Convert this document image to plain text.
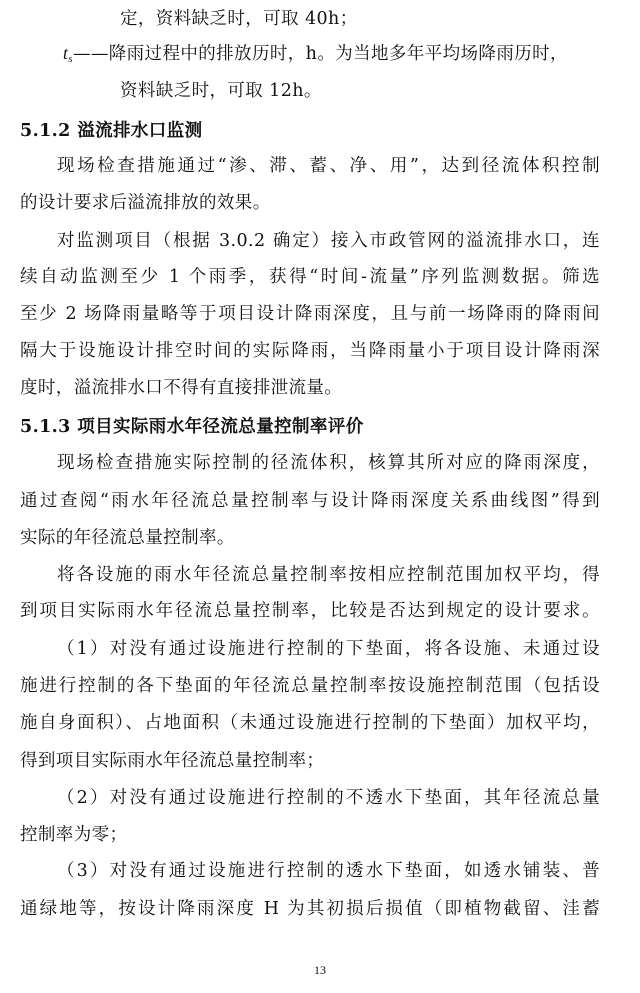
定，资料缺乏时，可取 40h；
$t_s——$降雨过程中的排放历时，h。为当地多年平均场降雨历时，
资料缺乏时，可取 12h。
5.1.2 溢流排水口监测
现场检查措施通过“渗、滞、蓄、净、用”，达到径流体积控制
的设计要求后溢流排放的效果。
对监测项目（根据 3.0.2 确定）接入市政管网的溢流排水口，连
续自动监测至少 1 个雨季，获得“时间-流量”序列监测数据。筛选
至少 2 场降雨量略等于项目设计降雨深度，且与前一场降雨的降雨间
隔大于设施设计排空时间的实际降雨，当降雨量小于项目设计降雨深
度时，溢流排水口不得有直接排泄流量。
5.1.3 项目实际雨水年径流总量控制率评价
现场检查措施实际控制的径流体积，核算其所对应的降雨深度，
通过查阅“雨水年径流总量控制率与设计降雨深度关系曲线图”得到
实际的年径流总量控制率。
将各设施的雨水年径流总量控制率按相应控制范围加权平均，得
到项目实际雨水年径流总量控制率，比较是否达到规定的设计要求。
（1）对没有通过设施进行控制的下垫面，将各设施、未通过设
施进行控制的各下垫面的年径流总量控制率按设施控制范围（包括设
施自身面积）、占地面积（未通过设施进行控制的下垫面）加权平均，
得到项目实际雨水年径流总量控制率；
（2）对没有通过设施进行控制的不透水下垫面，其年径流总量
控制率为零；
（3）对没有通过设施进行控制的透水下垫面，如透水铺装、普
通绿地等，按设计降雨深度 H 为其初损后损值（即植物截留、洼蓄
13
